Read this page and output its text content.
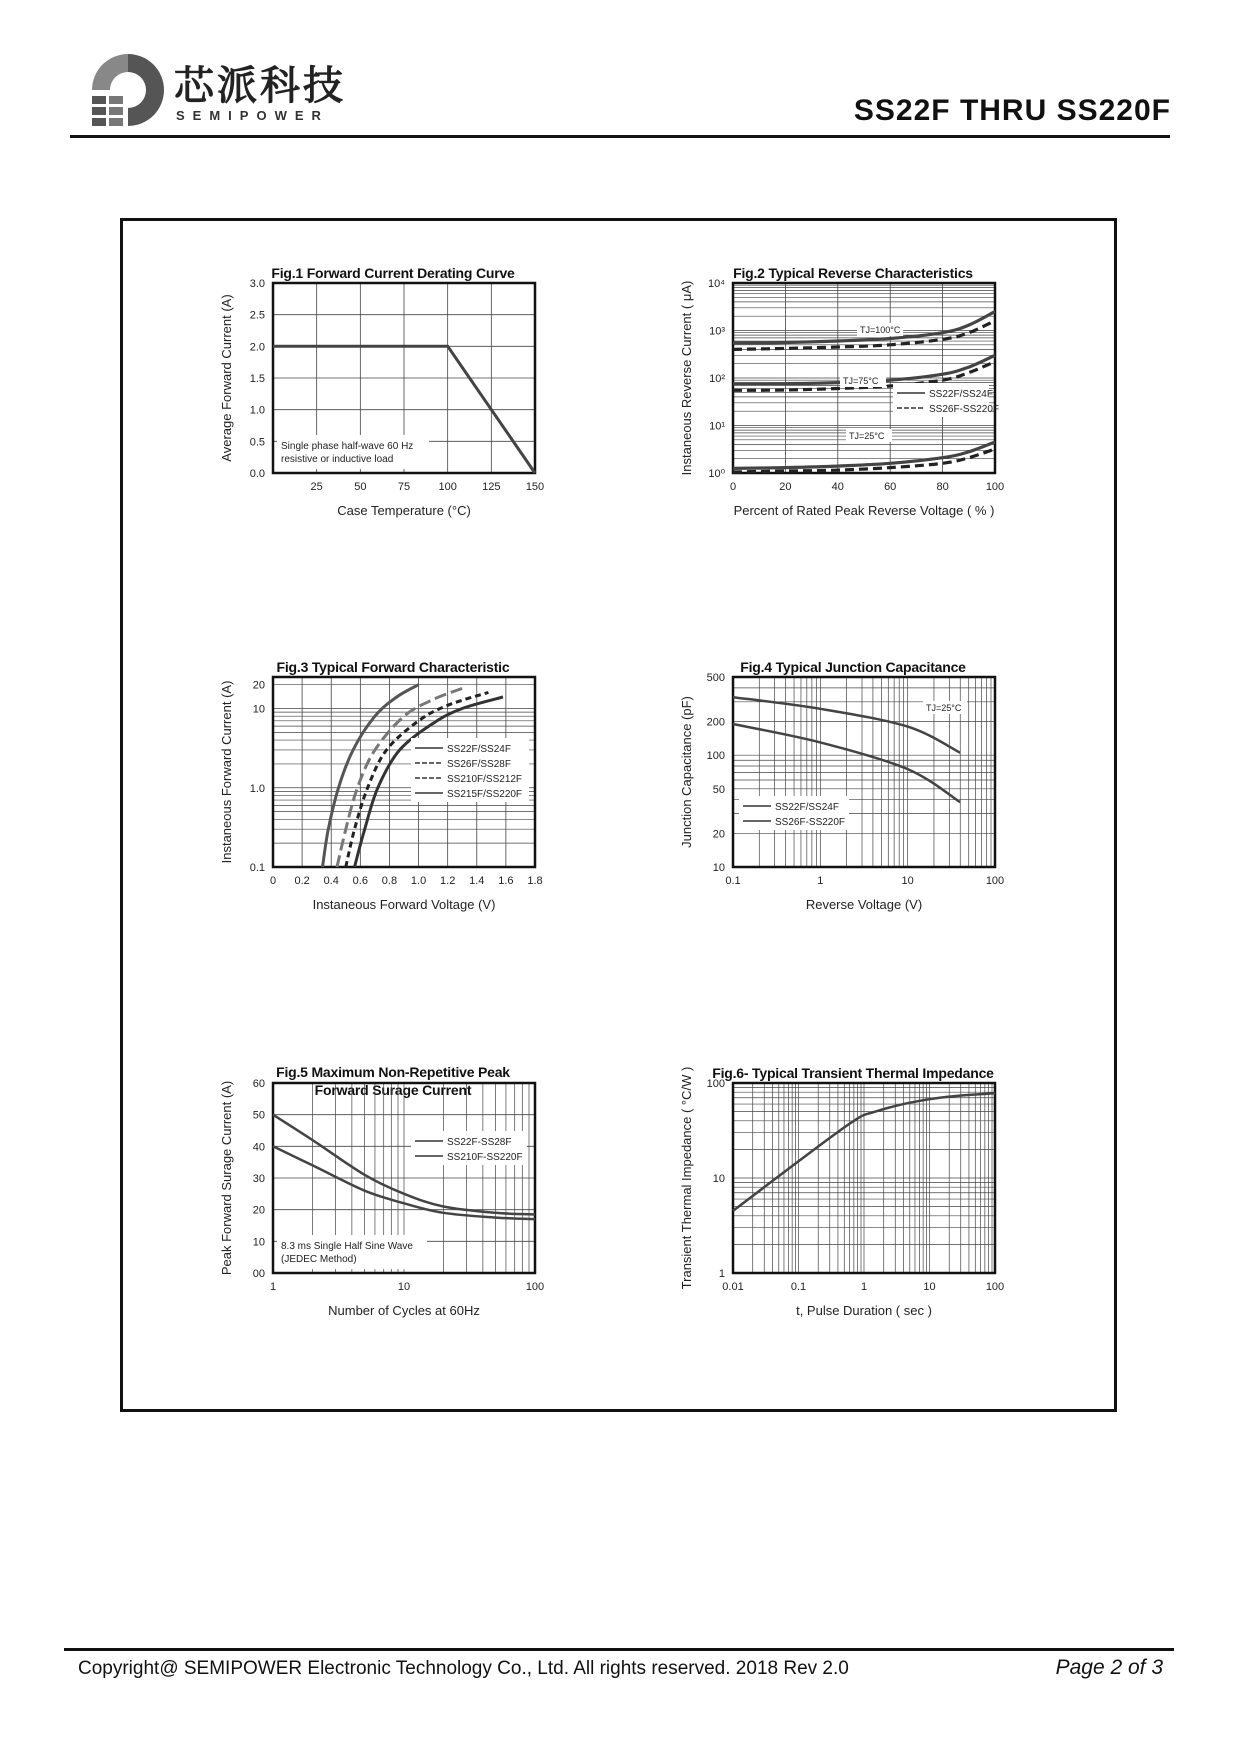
芯派科技
SEMIPOWER	SS22F THRU SS220F
Fig.1 Forward Current Derating Curve
25	50	75	100 125 150
0.0
0.5
1.0
1.5
2.0
2.5
3.0
Case Temperature (°C)
Average Forward Current (A)	Single phase half-wave 60 Hz
resistive or inductive load
Fig.2 Typical Reverse Characteristics
0	20	40	60	80	100
10⁰
10¹
10²
10³
10⁴
Percent of Rated Peak Reverse Voltage ( % )
Instaneous Reverse Current ( μA)	SS22F/SS24F
SS26F-SS220F
TJ=100°C
TJ=75°C
TJ=25°C
Fig.3 Typical Forward Characteristic
0 0.2 0.4 0.6 0.8 1.0 1.2 1.4 1.6 1.8
0.1
1.0
10
20
Instaneous Forward Voltage (V)
Instaneous Forward Current (A)	SS22F/SS24F
SS26F/SS28F
SS210F/SS212F
SS215F/SS220F
Fig.4 Typical Junction Capacitance
0.1	1	10	100
10
20
50
100
200
500
Reverse Voltage (V)
Junction Capacitance (pF)	SS22F/SS24F
SS26F-SS220F
TJ=25°C
Fig.5 Maximum Non-Repetitive Peak
Forward Surage Current
1	10	100
00
10
20
30
40
50
60
Number of Cycles at 60Hz
Peak Forward Surage Current (A)	SS22F-SS28F
SS210F-SS220F
8.3 ms Single Half Sine Wave
(JEDEC Method)
Fig.6- Typical Transient Thermal Impedance
0.01	0.1	1	10	100
1
10
100
t, Pulse Duration ( sec )
Transient Thermal Impedance ( °C/W )
Copyright@ SEMIPOWER Electronic Technology Co., Ltd. All rights reserved. 2018 Rev 2.0	Page 2 of 3
